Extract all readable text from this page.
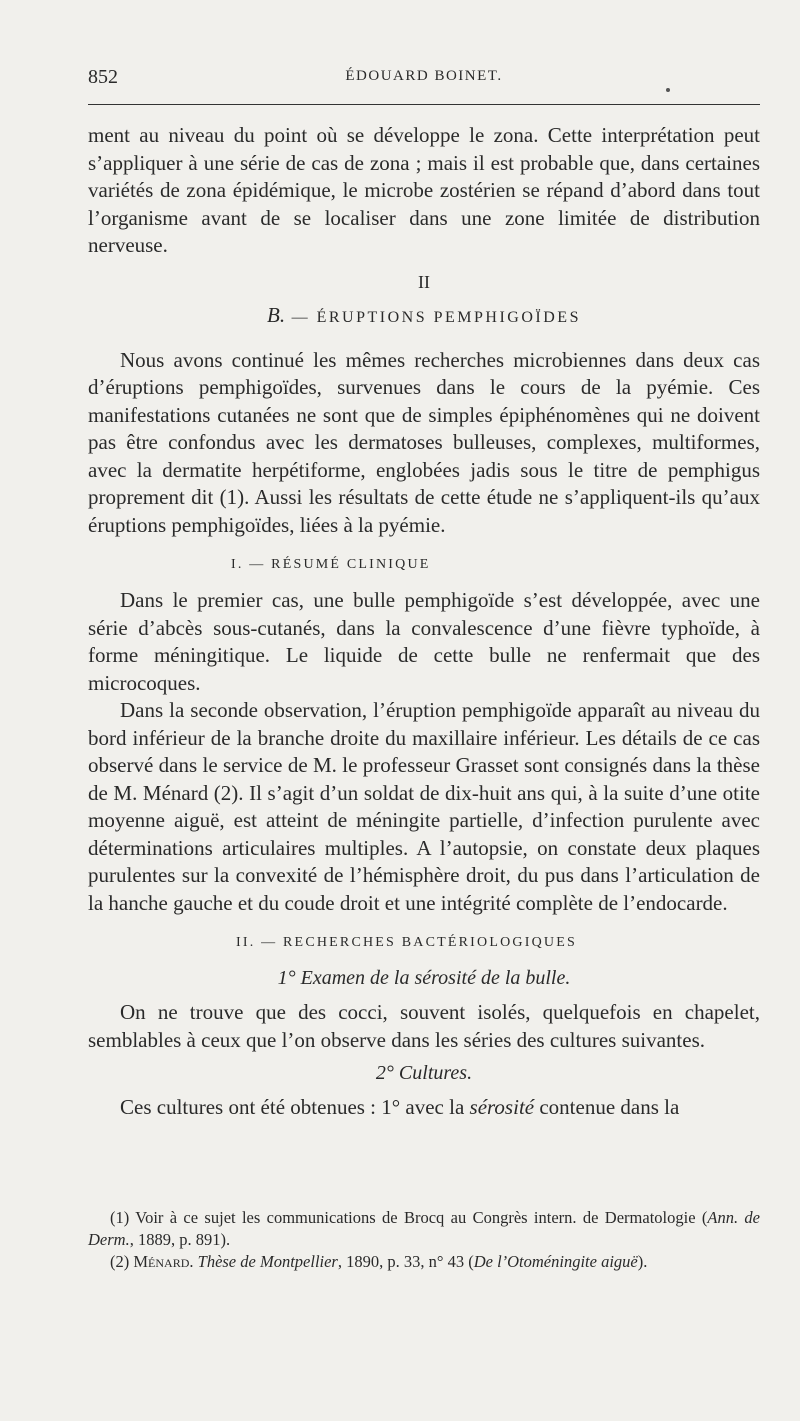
852	ÉDOUARD BOINET.

ment au niveau du point où se développe le zona. Cette interprétation peut s’appliquer à une série de cas de zona ; mais il est probable que, dans certaines variétés de zona épidémique, le microbe zostérien se répand d’abord dans tout l’organisme avant de se localiser dans une zone limitée de distribution nerveuse.

II
B. — ÉRUPTIONS PEMPHIGOÏDES

Nous avons continué les mêmes recherches microbiennes dans deux cas d’éruptions pemphigoïdes, survenues dans le cours de la pyémie. Ces manifestations cutanées ne sont que de simples épiphénomènes qui ne doivent pas être confondus avec les dermatoses bulleuses, complexes, multiformes, avec la dermatite herpétiforme, englobées jadis sous le titre de pemphigus proprement dit (1). Aussi les résultats de cette étude ne s’appliquent-ils qu’aux éruptions pemphigoïdes, liées à la pyémie.

I. — RÉSUMÉ CLINIQUE

Dans le premier cas, une bulle pemphigoïde s’est développée, avec une série d’abcès sous-cutanés, dans la convalescence d’une fièvre typhoïde, à forme méningitique. Le liquide de cette bulle ne renfermait que des microcoques.

Dans la seconde observation, l’éruption pemphigoïde apparaît au niveau du bord inférieur de la branche droite du maxillaire inférieur. Les détails de ce cas observé dans le service de M. le professeur Grasset sont consignés dans la thèse de M. Ménard (2). Il s’agit d’un soldat de dix-huit ans qui, à la suite d’une otite moyenne aiguë, est atteint de méningite partielle, d’infection purulente avec déterminations articulaires multiples. A l’autopsie, on constate deux plaques purulentes sur la convexité de l’hémisphère droit, du pus dans l’articulation de la hanche gauche et du coude droit et une intégrité complète de l’endocarde.

II. — RECHERCHES BACTÉRIOLOGIQUES
1° Examen de la sérosité de la bulle.

On ne trouve que des cocci, souvent isolés, quelquefois en chapelet, semblables à ceux que l’on observe dans les séries des cultures suivantes.

2° Cultures.

Ces cultures ont été obtenues : 1° avec la sérosité contenue dans la

(1) Voir à ce sujet les communications de Brocq au Congrès intern. de Dermatologie (Ann. de Derm., 1889, p. 891).

(2) Ménard. Thèse de Montpellier, 1890, p. 33, n° 43 (De l’Otoméningite aiguë).
